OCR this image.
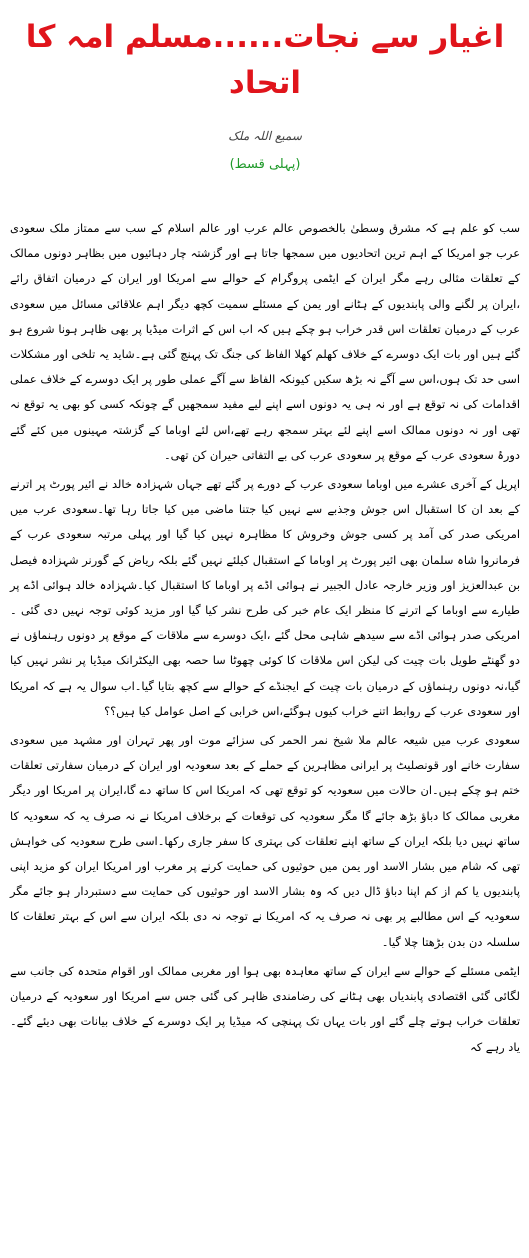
اغیار سے نجات......مسلم امہ کا اتحاد
سمیع اللہ ملک
(پہلی قسط)

سب کو علم ہے کہ مشرق وسطیٰ بالخصوص عالم عرب اور عالم اسلام کے سب سے ممتاز ملک سعودی عرب جو امریکا کے اہم ترین اتحادیوں میں سمجھا جاتا ہے اور گزشتہ چار دہائیوں میں بظاہر دونوں ممالک کے تعلقات مثالی رہے مگر ایران کے ایٹمی پروگرام کے حوالے سے امریکا اور ایران کے درمیان اتفاق رائے ،ایران پر لگنے والی پابندیوں کے ہٹانے اور یمن کے مسئلے سمیت کچھ دیگر اہم علاقائی مسائل میں سعودی عرب کے درمیان تعلقات اس قدر خراب ہو چکے ہیں کہ اب اس کے اثرات میڈیا پر بھی ظاہر ہونا شروع ہو گئے ہیں اور بات ایک دوسرے کے خلاف کھلم کھلا الفاظ کی جنگ تک پہنچ گئی ہے۔شاید یہ تلخی اور مشکلات اسی حد تک ہوں،اس سے آگے نہ بڑھ سکیں کیونکہ الفاظ سے آگے عملی طور پر ایک دوسرے کے خلاف عملی اقدامات کی نہ توقع ہے اور نہ ہی یہ دونوں اسے اپنے لیے مفید سمجھیں گے چونکہ کسی کو بھی یہ توقع نہ تھی اور نہ دونوں ممالک اسے اپنے لئے بہتر سمجھ رہے تھے،اس لئے اوباما کے گزشتہ مہینوں میں کئے گئے دورۂ سعودی عرب کے موقع پر سعودی عرب کی بے التفاتی حیران کن تھی۔

اپریل کے آخری عشرے میں اوباما سعودی عرب کے دورے پر گئے تھے جہاں شہزادہ خالد نے ائیر پورٹ پر اترنے کے بعد ان کا استقبال اس جوش وجذبے سے نہیں کیا جتنا ماضی میں کیا جاتا رہا تھا۔سعودی عرب میں امریکی صدر کی آمد پر کسی جوش وخروش کا مظاہرہ نہیں کیا گیا اور پہلی مرتبہ سعودی عرب کے فرمانروا شاہ سلمان بھی ائیر پورٹ پر اوباما کے استقبال کیلئے نہیں گئے بلکہ ریاض کے گورنر شہزادہ فیصل بن عبدالعزیز اور وزیر خارجہ عادل الجبیر نے ہوائی اڈے پر اوباما کا استقبال کیا۔شہزادہ خالد ہوائی اڈے پر طیارے سے اوباما کے اترنے کا منظر ایک عام خبر کی طرح نشر کیا گیا اور مزید کوئی توجہ نہیں دی گئی ۔امریکی صدر ہوائی اڈے سے سیدھے شاہی محل گئے ،ایک دوسرے سے ملاقات کے موقع پر دونوں رہنماؤں نے دو گھنٹے طویل بات چیت کی لیکن اس ملاقات کا کوئی چھوٹا سا حصہ بھی الیکٹرانک میڈیا پر نشر نہیں کیا گیا،نہ دونوں رہنماؤں کے درمیان بات چیت کے ایجنڈے کے حوالے سے کچھ بتایا گیا۔اب سوال یہ ہے کہ امریکا اور سعودی عرب کے روابط اتنے خراب کیوں ہوگئے،اس خرابی کے اصل عوامل کیا ہیں؟؟

سعودی عرب میں شیعہ عالم ملا شیخ نمر الحمر کی سزائے موت اور پھر تہران اور مشہد میں سعودی سفارت خانے اور قونصلیٹ پر ایرانی مظاہرین کے حملے کے بعد سعودیہ اور ایران کے درمیان سفارتی تعلقات ختم ہو چکے ہیں۔ان حالات میں سعودیہ کو توقع تھی کہ امریکا اس کا ساتھ دے گا،ایران پر امریکا اور دیگر مغربی ممالک کا دباؤ بڑھ جائے گا مگر سعودیہ کی توقعات کے برخلاف امریکا نے نہ صرف یہ کہ سعودیہ کا ساتھ نہیں دیا بلکہ ایران کے ساتھ اپنے تعلقات کی بہتری کا سفر جاری رکھا۔اسی طرح سعودیہ کی خواہش تھی کہ شام میں بشار الاسد اور یمن میں حوثیوں کی حمایت کرنے پر مغرب اور امریکا ایران کو مزید اپنی پابندیوں یا کم از کم اپنا دباؤ ڈال دیں کہ وہ بشار الاسد اور حوثیوں کی حمایت سے دستبردار ہو جائے مگر سعودیہ کے اس مطالبے پر بھی نہ صرف یہ کہ امریکا نے توجہ نہ دی بلکہ ایران سے اس کے بہتر تعلقات کا سلسلہ دن بدن بڑھتا چلا گیا۔

ایٹمی مسئلے کے حوالے سے ایران کے ساتھ معاہدہ بھی ہوا اور مغربی ممالک اور اقوام متحدہ کی جانب سے لگائی گئی اقتصادی پابندیاں بھی ہٹانے کی رضامندی ظاہر کی گئی جس سے امریکا اور سعودیہ کے درمیان تعلقات خراب ہوتے چلے گئے اور بات یہاں تک پہنچی کہ میڈیا پر ایک دوسرے کے خلاف بیانات بھی دیئے گئے۔یاد رہے کہ
